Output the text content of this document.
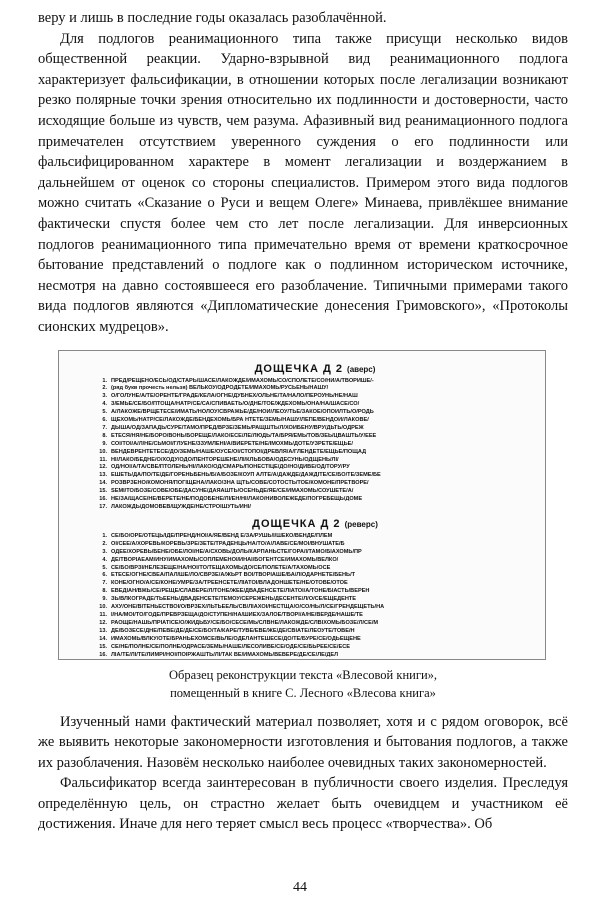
веру и лишь в последние годы оказалась разоблачённой.

Для подлогов реанимационного типа также присущи несколько видов общественной реакции. Ударно-взрывной вид реанимационного подлога характеризует фальсификации, в отношении которых после легализации возникают резко полярные точки зрения относительно их подлинности и достоверности, часто исходящие больше из чувств, чем разума. Афазивный вид реанимационного подлога примечателен отсутствием уверенного суждения о его подлинности или фальсифицированном характере в момент легализации и воздержанием в дальнейшем от оценок со стороны специалистов. Примером этого вида подлогов можно считать «Сказание о Руси и вещем Олеге» Минаева, привлёкшее внимание фактически спустя более чем сто лет после легализации. Для инверсионных подлогов реанимационного типа примечательно время от времени краткосрочное бытование представлений о подлоге как о подлинном историческом источнике, несмотря на давно состоявшееся его разоблачение. Типичными примерами такого вида подлогов являются «Дипломатические донесения Гримовского», «Протоколы сионских мудрецов».

ДОЩЕЧКА Д 2 (аверс)
1. ПРЕД/РЕЩЕНО/ЕСЬ/ОД/СТАРЬ/ШАСЕ/ЛАКОЖДЕ/ИМАХОМЬ/СО/СПОЛЕТЕ/СО/НИ/А/ТВОРИШЕ/-
2. (ряд букв прочесть нельзя) ВЕЛЬКОУ/ОДРОДЕТЕ/ИМАХОМЬ/РУСЬЕНЬ/НАШУ/
3. О/ГОЛУНЕ/А/ТЕ/ОРЕНТЕ/ГРАДЕ/КЕЛА/ОГНЕ/ДУБНЕХ/ОЛЬНЕ/ТА/НАЛО/ПЕРОУНЬ/НЕ/НАШ
4. З/ЕМЬЕ/СЕ/БО/ПТОЩА/НАТР/СЕ/СА/СПИВАЕТЬ/О/ДНЕ/ТОЕ/ЖДЕХОМЬ/ОНА/НА/ШАСЕ/СО/
5. А/ЛАКОЖЕ/ВРЩЕТЕСЕ/ИМАТЬ/НОЛОУ/СВРАЖЬЕ/ДЕ/НОИ/ЛЕОУ/ТЬЕ/ЗАКОЕ/ОПОИЛТЬ/О/РОДЬ
6. ЩЕХОМЬ/НАТР/СЕ/ЛАКОЖДЕ/БЕНДЕХОМЬ/БРА НТЕТЕ/ЗЕМЬ/НАШУ/ЛЕПЕ/ВЕНДОИ/ЛАКОВЕ/
7. ДЫША/ОД/ЗАПАДЬ/СУРЕ/ТАМО/ПРЕД/ВРЗЕ/ЗЕМЬ/РАЩШТЬ/Л/ХОИБЕНУ/ВРУ/ДЬТЬ/ОДРЕЖ
8. ЕТЕСЯ/НЯ/НЕ/БОРО/ВОНЬ/БОРЕЩЕ/ЛАКО/ЕСЕ/ЛЕ/ЛЮДЬ/ТА/БРЯ/ЕМЬ/ТОВ/ЗЕЬ/ЦВАШТЬ/У/ЕЕЕ
9. СОІ/ТОІ/А/Л/НЕ/СЬМОІ/ГЛУЕНЕ/ЗЗУМЛЕНІ/А/ВИЕРЕТЕ/НЕ/ІМОХМЬ/ДОТЕ/УЗРЕТЕ/ЕЩЬЕ/
10. ВЕНДЕВРЕНТЕТЕСЕ/ДО/ЗЕМЬ/НАШЕ/ОУСЕ/ОІ/СТОПОІ/ДРЕВЛЯ/А/ГЛЕНДЕТЕ/ЕЩЬЕ/ПОЩАД
11. НІ/ЛАКО/БЕДНЕ/О/ХОДУ/ОДО/ПЕНТОРЕШЕНЕ/ЛІ/КЛЬБОВА/ОДЕСУНЬ/ОДЩЕНЬ/ЛІ/
12. ОД/НОІ/А/ТА/СВЕ/ПТОЛЕНЬ/НІ/ЛАКО/ОД/СМАРЬ/ПОНЕСТІЦЕ/ДО/НО/ДИВЕ/ОД/ТОРУ/РУ
13. ЕШЕТЬ/ДА/ПО/ТЕ/ДЕ/ГОРЕНЬБЕНЬ/Б/А/БОЗЕ/КОУП АЛТЕ/А/ДАЖДЕ/ДАЖДІТЕ/СЕ/БО/ТЕ/ЗЕМЕ/БЕ
14. РОЗВРЗЕНО/КОМОНЯ/ПОГІЩЕНА/ЛАКО/ЗНА ЩТЬ/СОВЕ/СОТОСТЬ/ТОЕ/КОМОНЕ/ПРЕТВОРЕ/
15. SЕМІ/ТО/БОЗЕ/СОВЕ/ОБЕ/ДАСУНЕ/ДАЯАШТЬ/ОСЕНЬДЕ/ЯЕ/СЕ/ИМАХОМЬ/СОУШЕТЕ/А/
16. НЕ/ЗА/ЩАСЕ/НЕ/ВЕРЕТЕ/НЕ/ПОДОБЕНЕ/ЛІ/ЕН/НІ/ЛАКО/НИВОЛЕЖЕДЕ/ПОГРЕБЕЩЬ/ДОМЕ
17. ЛАКОЖДЬ/ДОМОВЕВ/ЩУЖДЕ/НЕ/СТРОІШУТЬ/ЙНІ/
ДОЩЕЧКА Д 2 (реверс)
1. СЕ/БО/ОРЕ/ОТЕЦЬ/ІДЕ/ПРЕНД/НОІ/А/ЯЕ/ВЕНД Е/ЗА/РУШЬ/І/ШЕКО/ВЕНДЕ/ПЛЕМ
2. ОІ/СЕЕ/А/ХОРЕВЬ/КОРЕВЬ/ЗРЕ/ЗЕТЕ/ТРАДЕНЦЬ/НА/ТО/А/ЛАВЕ/СЕ/МОІ/ВНУШАТЕ/Б
3. ОДЕЕ/ХОРЕВЬ/БЕНЕ/ОБЕ/ЛОІ/НЕ/А/СХОВЬ/ДОЛЬ/КАРПАНЬСТЕ/ГОРА/І/ТАМО/БІАХОМЬ/ПР
4. ДЕ/ТВОРІАЕАМ/ИНУ/ИМАХОМЬ/СОПЛЕМЕНОІ/ИНАІ/БОГЕНТСЕ/ИМАХОМЬ/ВЕЛКО/
5. СЕ/БО/ВРЗІ/НЕЛЕЗЕЩЕ/НА/НОІ/ТО/ТЕЩАХОМЬ/ДО/СЕ/ПОЛЕТЕ/А/ТАХОМЬ/ОСЕ
6. ЕТЕСЕ/ОГНЕ/СВЕА/ПАЛ/ШЕ/ЛО/СВРЗЕ/А/ЖЬРТ ВОІ/ТВОРІАШЕ/БА/ЛІОДАРНЕТЕ/БЕНЬ/Т
7. КОНЕ/ОГНО/А/СЕ/КОНЕ/УМРЕ/ЗА/ТРЕЕНСЕТЕ/ЛІАТОІ/ВЛАДОНШЕТЕ/НЕ/ОТОВЕ/ОТОЕ
8. ЕВЕДІАН/ВЖЬ/СЕ/РЕЩЕ/СЛАВЕРЕ/Л/ТОНЕ/ЖЕЕ/ДВАДЕНСЕТЕ/ЛІАТОІ/А/ТОНЕ/БІАСТЬ/ВЕРЕН
9. ЗЬ/ВЛКОГРАДЕ/ТЬЕЕНЬ/ДВАДЕНСЕТЕ/ТЕМОУ/СЕРЕЖЕНЬ/ДЕСЕНТЕ/Л/О/СЕ/ЕЩЕДЕНТЕ
10. АХУ/ОНЕ/ВІТЕНЬЕСТВОІ/О/ВРЗЕХ/ЛЬТЬЕЕЛЬ/СВ/ЛІАХОІ/НЕСТЩА/О/СО/НЬ/Л/СЕ/ГРЕНДЕЩЕТЬ/НА
11. І/НА/МОІ/ТО/ГОДЕ/ПРЕВРЗЕЩА/ДО/СТУПЕН/НА/ШИЕХ/ЗАЛОЕ/ТВОРІ/А/НЕ/ВЕРДЕ/НАШЕ/ТЕ
12. РАОЩЕ/НАШЬ/ПРІАТІСЕ/О/ЖИДЬБУ/СЕ/БО/СЕСЕ/МЬ/СЛВНЕ/ЛАКОЖДЕ/СЛВІХОМЬ/БОЗЕ/Л/СЕ/М
13. ДЕ/БОЗЕСЕ/ДНЕ/ПЕВЕ/ДЕ/ДЕ/СЕ/БО/ТА/КАРЕ/ТУВЕ/ЕВЕ/ЖЕ/ДЕ/СВІАТЕ/ЛЕОУТЕ/ТОВЕ/Н
14. ИМАХОМЬ/ВЛКУ/ОТЕ/БРАНЬЕХОМСЕ/ВЬЛЕ/ОДЕЛАНТЕШЕСЕ/ДО/ТЕ/БУРЕ/СЕ/ОДЬЕЩЕНЕ
15. СЕ/НЕ/ПОЛНЕ/СЕ/ПОЛНЕ/ОДРАСЕ/ЗЕМЬ/НАШЕ/ЛЕСОЛИВЕ/СЕ/ОДЕ/СЕ/БЬРЕЕ/СЕ/ЕСЕ
16. ЛІА/ТЕ/ЛІ/ТЕ/ЛИМРІ/НОІ/ПОІРЖАШТЬ/ЛІ/ТАК ВЕ/ИМАХОМЬ/ВЕВЕРЕ/ДЕ/СЕ/ЛЕ/ДЕЛ
Образец реконструкции текста «Влесовой книги»,
помещенный в книге С. Лесного «Влесова книга»

Изученный нами фактический материал позволяет, хотя и с рядом оговорок, всё же выявить некоторые закономерности изготовления и бытования подлогов, а также их разоблачения. Назовём несколько наиболее очевидных таких закономерностей.

Фальсификатор всегда заинтересован в публичности своего изделия. Преследуя определённую цель, он страстно желает быть очевидцем и участником её достижения. Иначе для него теряет смысл весь процесс «творчества». Об

44
